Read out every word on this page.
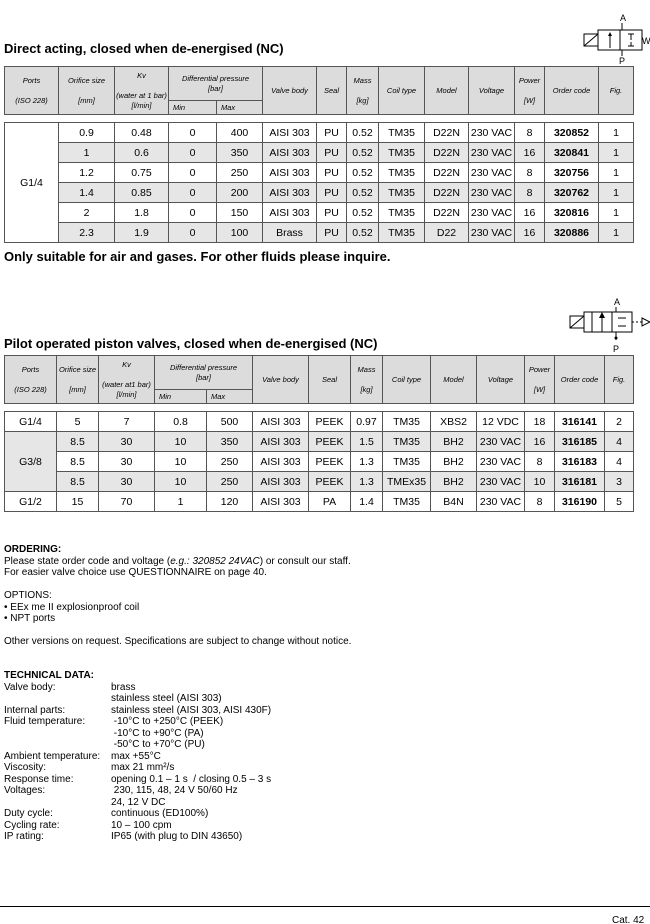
Direct acting, closed when de-energised (NC)
A
W
P
Ports

(ISO 228)	Orifice size

[mm]	Kv

(water at 1 bar)
[l/min]	Differential pressure
[bar]		Valve body	Seal	Mass

[kg]	Coil type	Model	Voltage	Power

[W]	Order code	Fig.
			Min	Max									

G1/4	0.9	0.48	0	400	AISI 303	PU	0.52	TM35	D22N	230 VAC	8	320852	1
	1	0.6	0	350	AISI 303	PU	0.52	TM35	D22N	230 VAC	16	320841	1
	1.2	0.75	0	250	AISI 303	PU	0.52	TM35	D22N	230 VAC	8	320756	1
	1.4	0.85	0	200	AISI 303	PU	0.52	TM35	D22N	230 VAC	8	320762	1
	2	1.8	0	150	AISI 303	PU	0.52	TM35	D22N	230 VAC	16	320816	1
	2.3	1.9	0	100	Brass	PU	0.52	TM35	D22	230 VAC	16	320886	1
Only suitable for air and gases. For other fluids please inquire.
Pilot operated piston valves, closed when de-energised (NC)
A
P
Ports

(ISO 228)	Orifice size

[mm]	Kv

(water at1 bar)
[l/min]	Differential pressure
[bar]		Valve body	Seal	Mass

[kg]	Coil type	Model	Voltage	Power

[W]	Order code	Fig.
			Min	Max									

G1/4	5	7	0.8	500	AISI 303	PEEK	0.97	TM35	XBS2	12 VDC	18	316141	2
G3/8	8.5	30	10	350	AISI 303	PEEK	1.5	TM35	BH2	230 VAC	16	316185	4
	8.5	30	10	250	AISI 303	PEEK	1.3	TM35	BH2	230 VAC	8	316183	4
	8.5	30	10	250	AISI 303	PEEK	1.3	TMEx35	BH2	230 VAC	10	316181	3
G1/2	15	70	1	120	AISI 303	PA	1.4	TM35	B4N	230 VAC	8	316190	5
ORDERING:
Please state order code and voltage (e.g.: 320852 24VAC) or consult our staff.
For easier valve choice use QUESTIONNAIRE on page 40.
OPTIONS:
• EEx me II explosionproof coil
• NPT ports
Other versions on request. Specifications are subject to change without notice.
TECHNICAL DATA:
Valve body:	brass
stainless steel (AISI 303)
Internal parts:	stainless steel (AISI 303, AISI 430F)
Fluid temperature:	-10°C to +250°C (PEEK)
-10°C to +90°C (PA)
-50°C to +70°C (PU)
Ambient temperature:	max +55°C
Viscosity:	max 21 mm²/s
Response time:	opening 0.1 – 1 s  / closing 0.5 – 3 s
Voltages:	230, 115, 48, 24 V 50/60 Hz
24, 12 V DC
Duty cycle:	continuous (ED100%)
Cycling rate:	10 – 100 cpm
IP rating:	IP65 (with plug to DIN 43650)
Cat. 42
